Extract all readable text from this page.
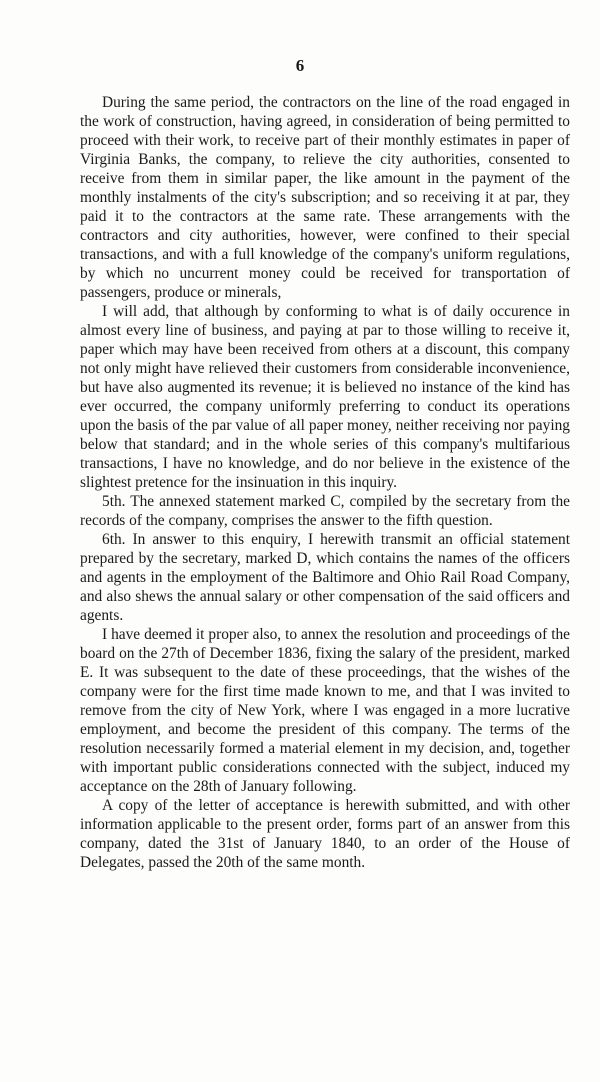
6

During the same period, the contractors on the line of the road engaged in the work of construction, having agreed, in consideration of being permitted to proceed with their work, to receive part of their monthly estimates in paper of Virginia Banks, the company, to relieve the city authorities, consented to receive from them in similar paper, the like amount in the payment of the monthly instalments of the city's subscription; and so receiving it at par, they paid it to the contractors at the same rate. These arrangements with the contractors and city authorities, however, were confined to their special transactions, and with a full knowledge of the company's uniform regulations, by which no uncurrent money could be received for transportation of passengers, produce or minerals,

I will add, that although by conforming to what is of daily occurence in almost every line of business, and paying at par to those willing to receive it, paper which may have been received from others at a discount, this company not only might have relieved their customers from considerable inconvenience, but have also augmented its revenue; it is believed no instance of the kind has ever occurred, the company uniformly preferring to conduct its operations upon the basis of the par value of all paper money, neither receiving nor paying below that standard; and in the whole series of this company's multifarious transactions, I have no knowledge, and do nor believe in the existence of the slightest pretence for the insinuation in this inquiry.

5th. The annexed statement marked C, compiled by the secretary from the records of the company, comprises the answer to the fifth question.

6th. In answer to this enquiry, I herewith transmit an official statement prepared by the secretary, marked D, which contains the names of the officers and agents in the employment of the Baltimore and Ohio Rail Road Company, and also shews the annual salary or other compensation of the said officers and agents.

I have deemed it proper also, to annex the resolution and proceedings of the board on the 27th of December 1836, fixing the salary of the president, marked E. It was subsequent to the date of these proceedings, that the wishes of the company were for the first time made known to me, and that I was invited to remove from the city of New York, where I was engaged in a more lucrative employment, and become the president of this company. The terms of the resolution necessarily formed a material element in my decision, and, together with important public considerations connected with the subject, induced my acceptance on the 28th of January following.

A copy of the letter of acceptance is herewith submitted, and with other information applicable to the present order, forms part of an answer from this company, dated the 31st of January 1840, to an order of the House of Delegates, passed the 20th of the same month.
